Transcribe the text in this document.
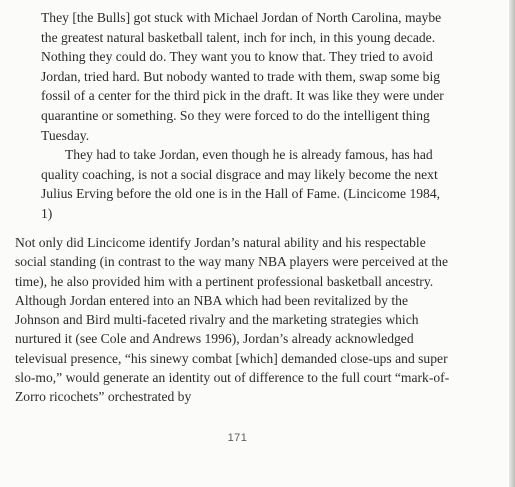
They [the Bulls] got stuck with Michael Jordan of North Carolina, maybe the greatest natural basketball talent, inch for inch, in this young decade. Nothing they could do. They want you to know that. They tried to avoid Jordan, tried hard. But nobody wanted to trade with them, swap some big fossil of a center for the third pick in the draft. It was like they were under quarantine or something. So they were forced to do the intelligent thing Tuesday.

They had to take Jordan, even though he is already famous, has had quality coaching, is not a social disgrace and may likely become the next Julius Erving before the old one is in the Hall of Fame. (Lincicome 1984, 1)

Not only did Lincicome identify Jordan’s natural ability and his respectable social standing (in contrast to the way many NBA players were perceived at the time), he also provided him with a pertinent professional basketball ancestry. Although Jordan entered into an NBA which had been revitalized by the Johnson and Bird multi-faceted rivalry and the marketing strategies which nurtured it (see Cole and Andrews 1996), Jordan’s already acknowledged televisual presence, “his sinewy combat [which] demanded close-ups and super slo-mo,” would generate an identity out of difference to the full court “mark-of-Zorro ricochets” orchestrated by

171
